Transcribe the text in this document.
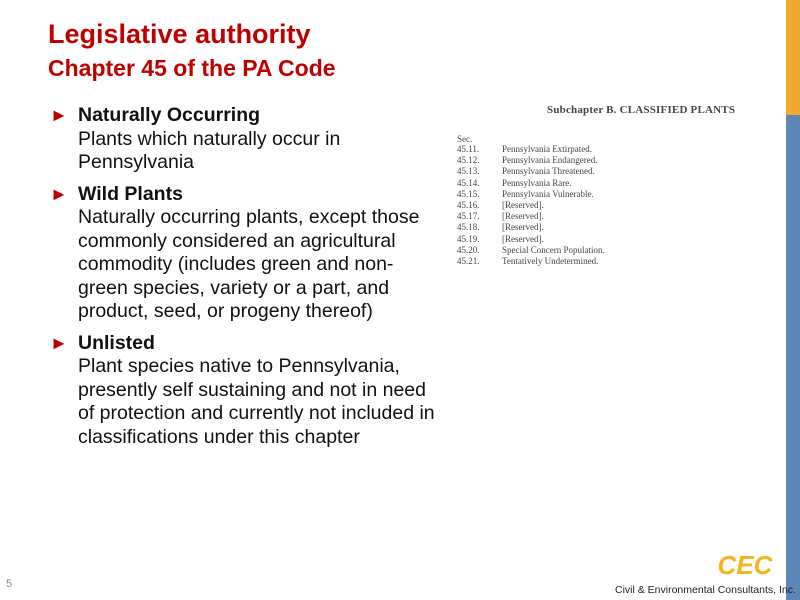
Legislative authority
Chapter 45 of the PA Code
► Naturally Occurring
Plants which naturally occur in Pennsylvania
► Wild Plants
Naturally occurring plants, except those commonly considered an agricultural commodity (includes green and non-green species, variety or a part, and product, seed, or progeny thereof)
► Unlisted
Plant species native to Pennsylvania, presently self sustaining and not in need of protection and currently not included in classifications under this chapter
Subchapter B. CLASSIFIED PLANTS
Sec.
45.11.	Pennsylvania Extirpated.
45.12.	Pennsylvania Endangered.
45.13.	Pennsylvania Threatened.
45.14.	Pennsylvania Rare.
45.15.	Pennsylvania Vulnerable.
45.16.	[Reserved].
45.17.	[Reserved].
45.18.	[Reserved].
45.19.	[Reserved].
45.20.	Special Concern Population.
45.21.	Tentatively Undetermined.
5
CEC
Civil & Environmental Consultants, Inc.
